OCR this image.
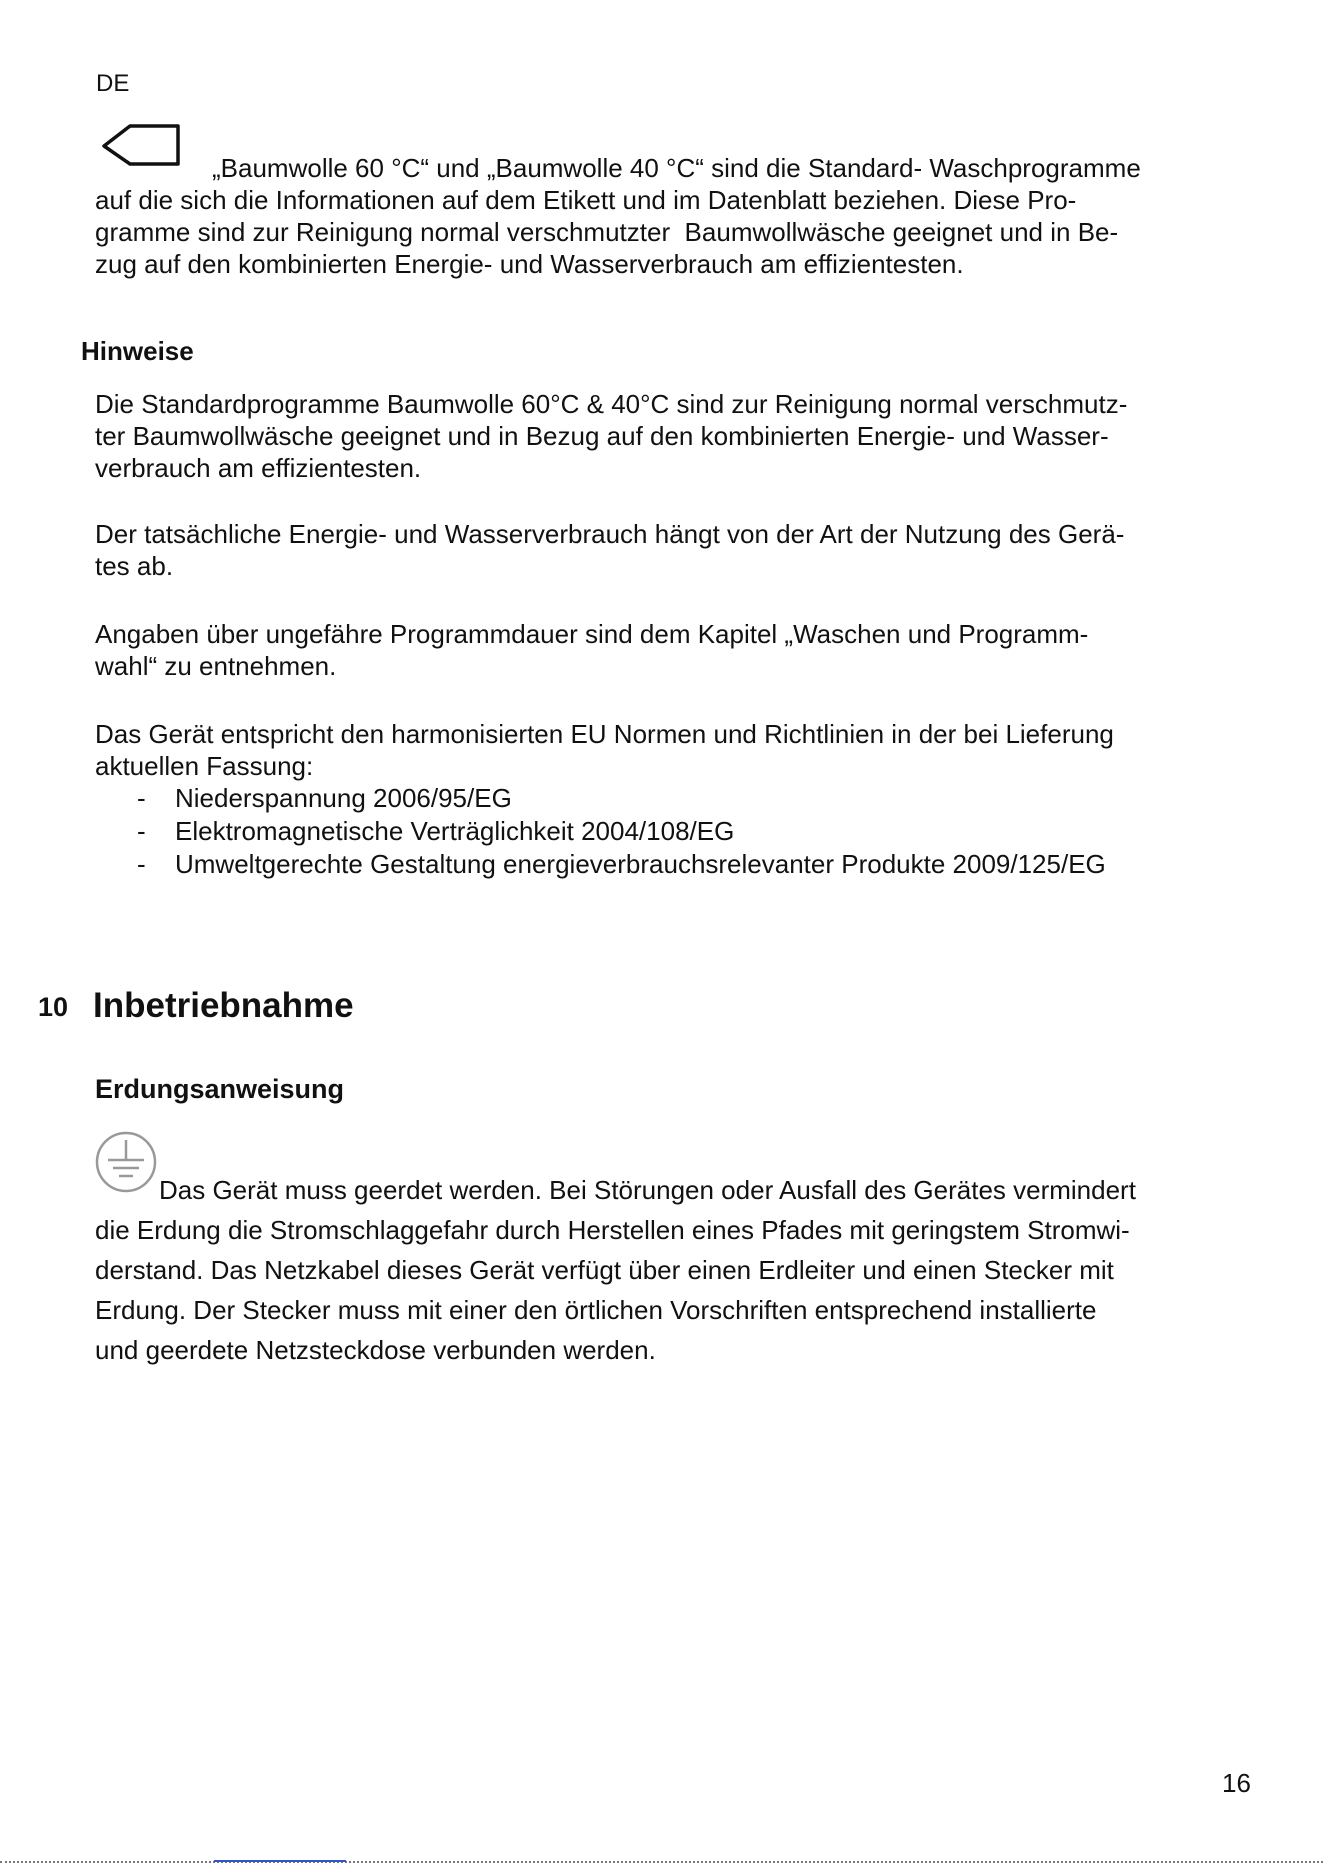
DE
„Baumwolle 60 °C“ und „Baumwolle 40 °C“ sind die Standard- Waschprogramme
auf die sich die Informationen auf dem Etikett und im Datenblatt beziehen. Diese Pro-
gramme sind zur Reinigung normal verschmutzter  Baumwollwäsche geeignet und in Be-
zug auf den kombinierten Energie- und Wasserverbrauch am effizientesten.
Hinweise
Die Standardprogramme Baumwolle 60°C & 40°C sind zur Reinigung normal verschmutz-
ter Baumwollwäsche geeignet und in Bezug auf den kombinierten Energie- und Wasser-
verbrauch am effizientesten.
Der tatsächliche Energie- und Wasserverbrauch hängt von der Art der Nutzung des Gerä-
tes ab.
Angaben über ungefähre Programmdauer sind dem Kapitel „Waschen und Programm-
wahl“ zu entnehmen.
Das Gerät entspricht den harmonisierten EU Normen und Richtlinien in der bei Lieferung
aktuellen Fassung:
-	Niederspannung 2006/95/EG
-	Elektromagnetische Verträglichkeit 2004/108/EG
-	Umweltgerechte Gestaltung energieverbrauchsrelevanter Produkte 2009/125/EG
10 Inbetriebnahme
Erdungsanweisung
Das Gerät muss geerdet werden. Bei Störungen oder Ausfall des Gerätes vermindert
die Erdung die Stromschlaggefahr durch Herstellen eines Pfades mit geringstem Stromwi-
derstand. Das Netzkabel dieses Gerät verfügt über einen Erdleiter und einen Stecker mit
Erdung. Der Stecker muss mit einer den örtlichen Vorschriften entsprechend installierte
und geerdete Netzsteckdose verbunden werden.
16
